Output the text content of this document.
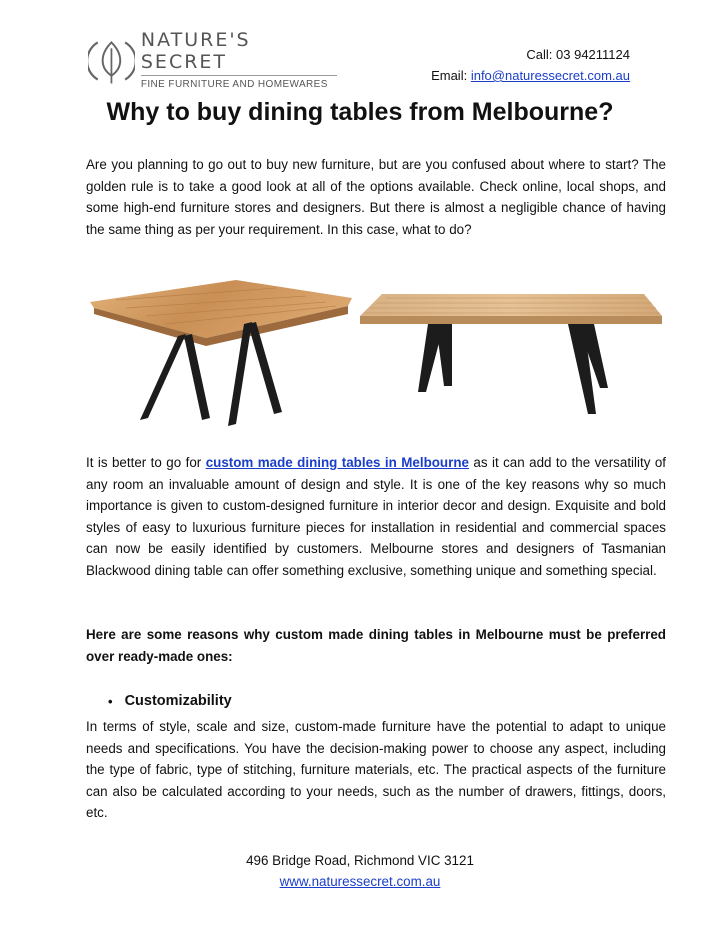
NATURE'S SECRET
FINE FURNITURE AND HOMEWARES
Call: 03 94211124
Email: info@naturessecret.com.au
Why to buy dining tables from Melbourne?

Are you planning to go out to buy new furniture, but are you confused about where to start? The golden rule is to take a good look at all of the options available. Check online, local shops, and some high-end furniture stores and designers. But there is almost a negligible chance of having the same thing as per your requirement. In this case, what to do?

It is better to go for custom made dining tables in Melbourne as it can add to the versatility of any room an invaluable amount of design and style. It is one of the key reasons why so much importance is given to custom-designed furniture in interior decor and design. Exquisite and bold styles of easy to luxurious furniture pieces for installation in residential and commercial spaces can now be easily identified by customers. Melbourne stores and designers of Tasmanian Blackwood dining table can offer something exclusive, something unique and something special.

Here are some reasons why custom made dining tables in Melbourne must be preferred over ready-made ones:

• Customizability

In terms of style, scale and size, custom-made furniture have the potential to adapt to unique needs and specifications. You have the decision-making power to choose any aspect, including the type of fabric, type of stitching, furniture materials, etc. The practical aspects of the furniture can also be calculated according to your needs, such as the number of drawers, fittings, doors, etc.

496 Bridge Road, Richmond VIC 3121
www.naturessecret.com.au
